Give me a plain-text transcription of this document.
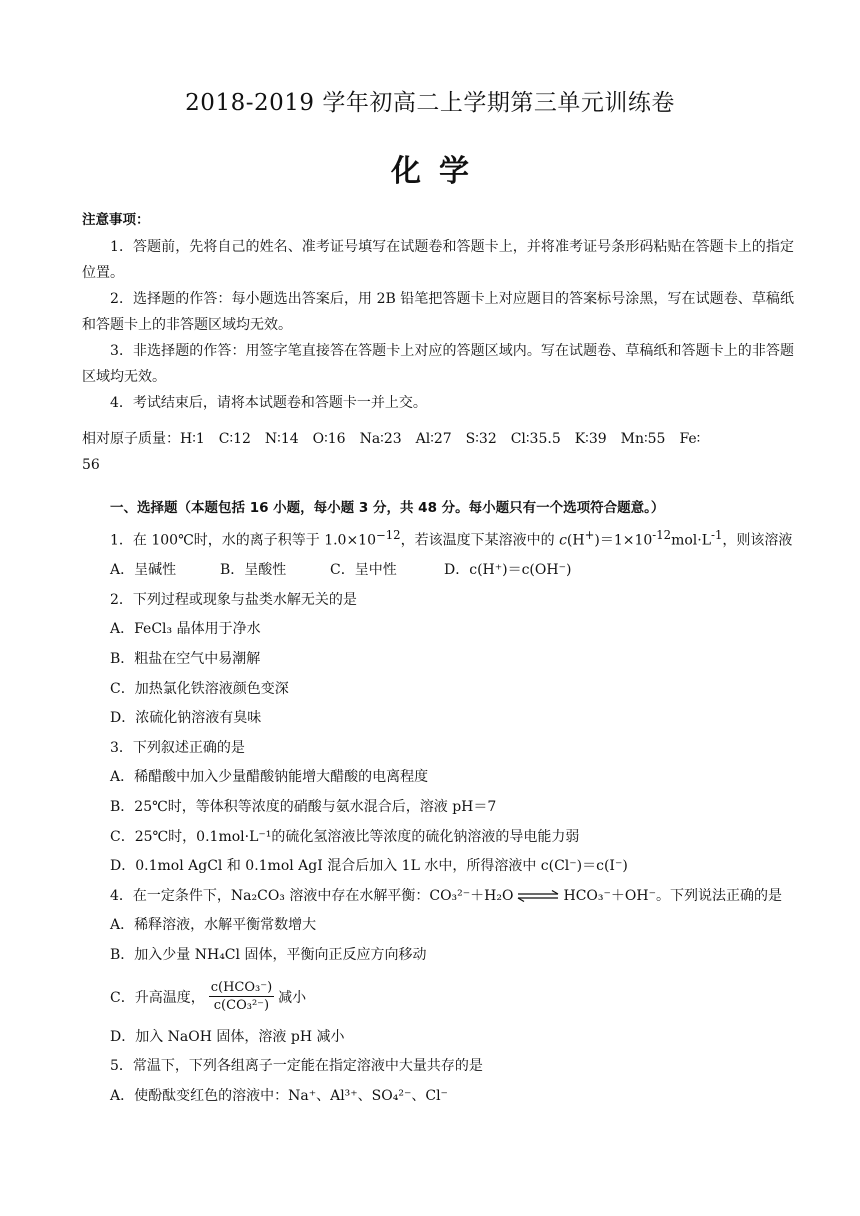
2018-2019 学年初高二上学期第三单元训练卷
化学
注意事项：

1．答题前，先将自己的姓名、准考证号填写在试题卷和答题卡上，并将准考证号条形码粘贴在答题卡上的指定位置。

2．选择题的作答：每小题选出答案后，用 2B 铅笔把答题卡上对应题目的答案标号涂黑，写在试题卷、草稿纸和答题卡上的非答题区域均无效。

3．非选择题的作答：用签字笔直接答在答题卡上对应的答题区域内。写在试题卷、草稿纸和答题卡上的非答题区域均无效。

4．考试结束后，请将本试题卷和答题卡一并上交。

相对原子质量：H∶1　C∶12　N∶14　O∶16　Na∶23　Al∶27　S∶32　Cl∶35.5　K∶39　Mn∶55　Fe∶
56
一、选择题（本题包括 16 小题，每小题 3 分，共 48 分。每小题只有一个选项符合题意。）
1．在 100℃时，水的离子积等于 $1.0\times 10^{-12}$，若该温度下某溶液中的 $c(H^+)=1\times 10^{-12}mol\cdot L^{-1}$，则该溶液
A．呈碱性	B．呈酸性	C．呈中性	D．c(H⁺)＝c(OH⁻)
2．下列过程或现象与盐类水解无关的是
A．FeCl₃ 晶体用于净水
B．粗盐在空气中易潮解
C．加热氯化铁溶液颜色变深
D．浓硫化钠溶液有臭味
3．下列叙述正确的是
A．稀醋酸中加入少量醋酸钠能增大醋酸的电离程度
B．25℃时，等体积等浓度的硝酸与氨水混合后，溶液 pH＝7
C．25℃时，0.1mol·L⁻¹的硫化氢溶液比等浓度的硫化钠溶液的导电能力弱
D．0.1mol AgCl 和 0.1mol AgI 混合后加入 1L 水中，所得溶液中 c(Cl⁻)＝c(I⁻)
4．在一定条件下，Na₂CO₃ 溶液中存在水解平衡：CO₃²⁻＋H₂O ⇌ HCO₃⁻＋OH⁻。下列说法正确的是
A．稀释溶液，水解平衡常数增大
B．加入少量 NH₄Cl 固体，平衡向正反应方向移动
C．升高温度， $\frac{\text{c(HCO₃⁻)}}{\text{c(CO₃²⁻)}}$ 减小
D．加入 NaOH 固体，溶液 pH 减小
5．常温下，下列各组离子一定能在指定溶液中大量共存的是
A．使酚酞变红色的溶液中：Na⁺、Al³⁺、SO₄²⁻、Cl⁻
